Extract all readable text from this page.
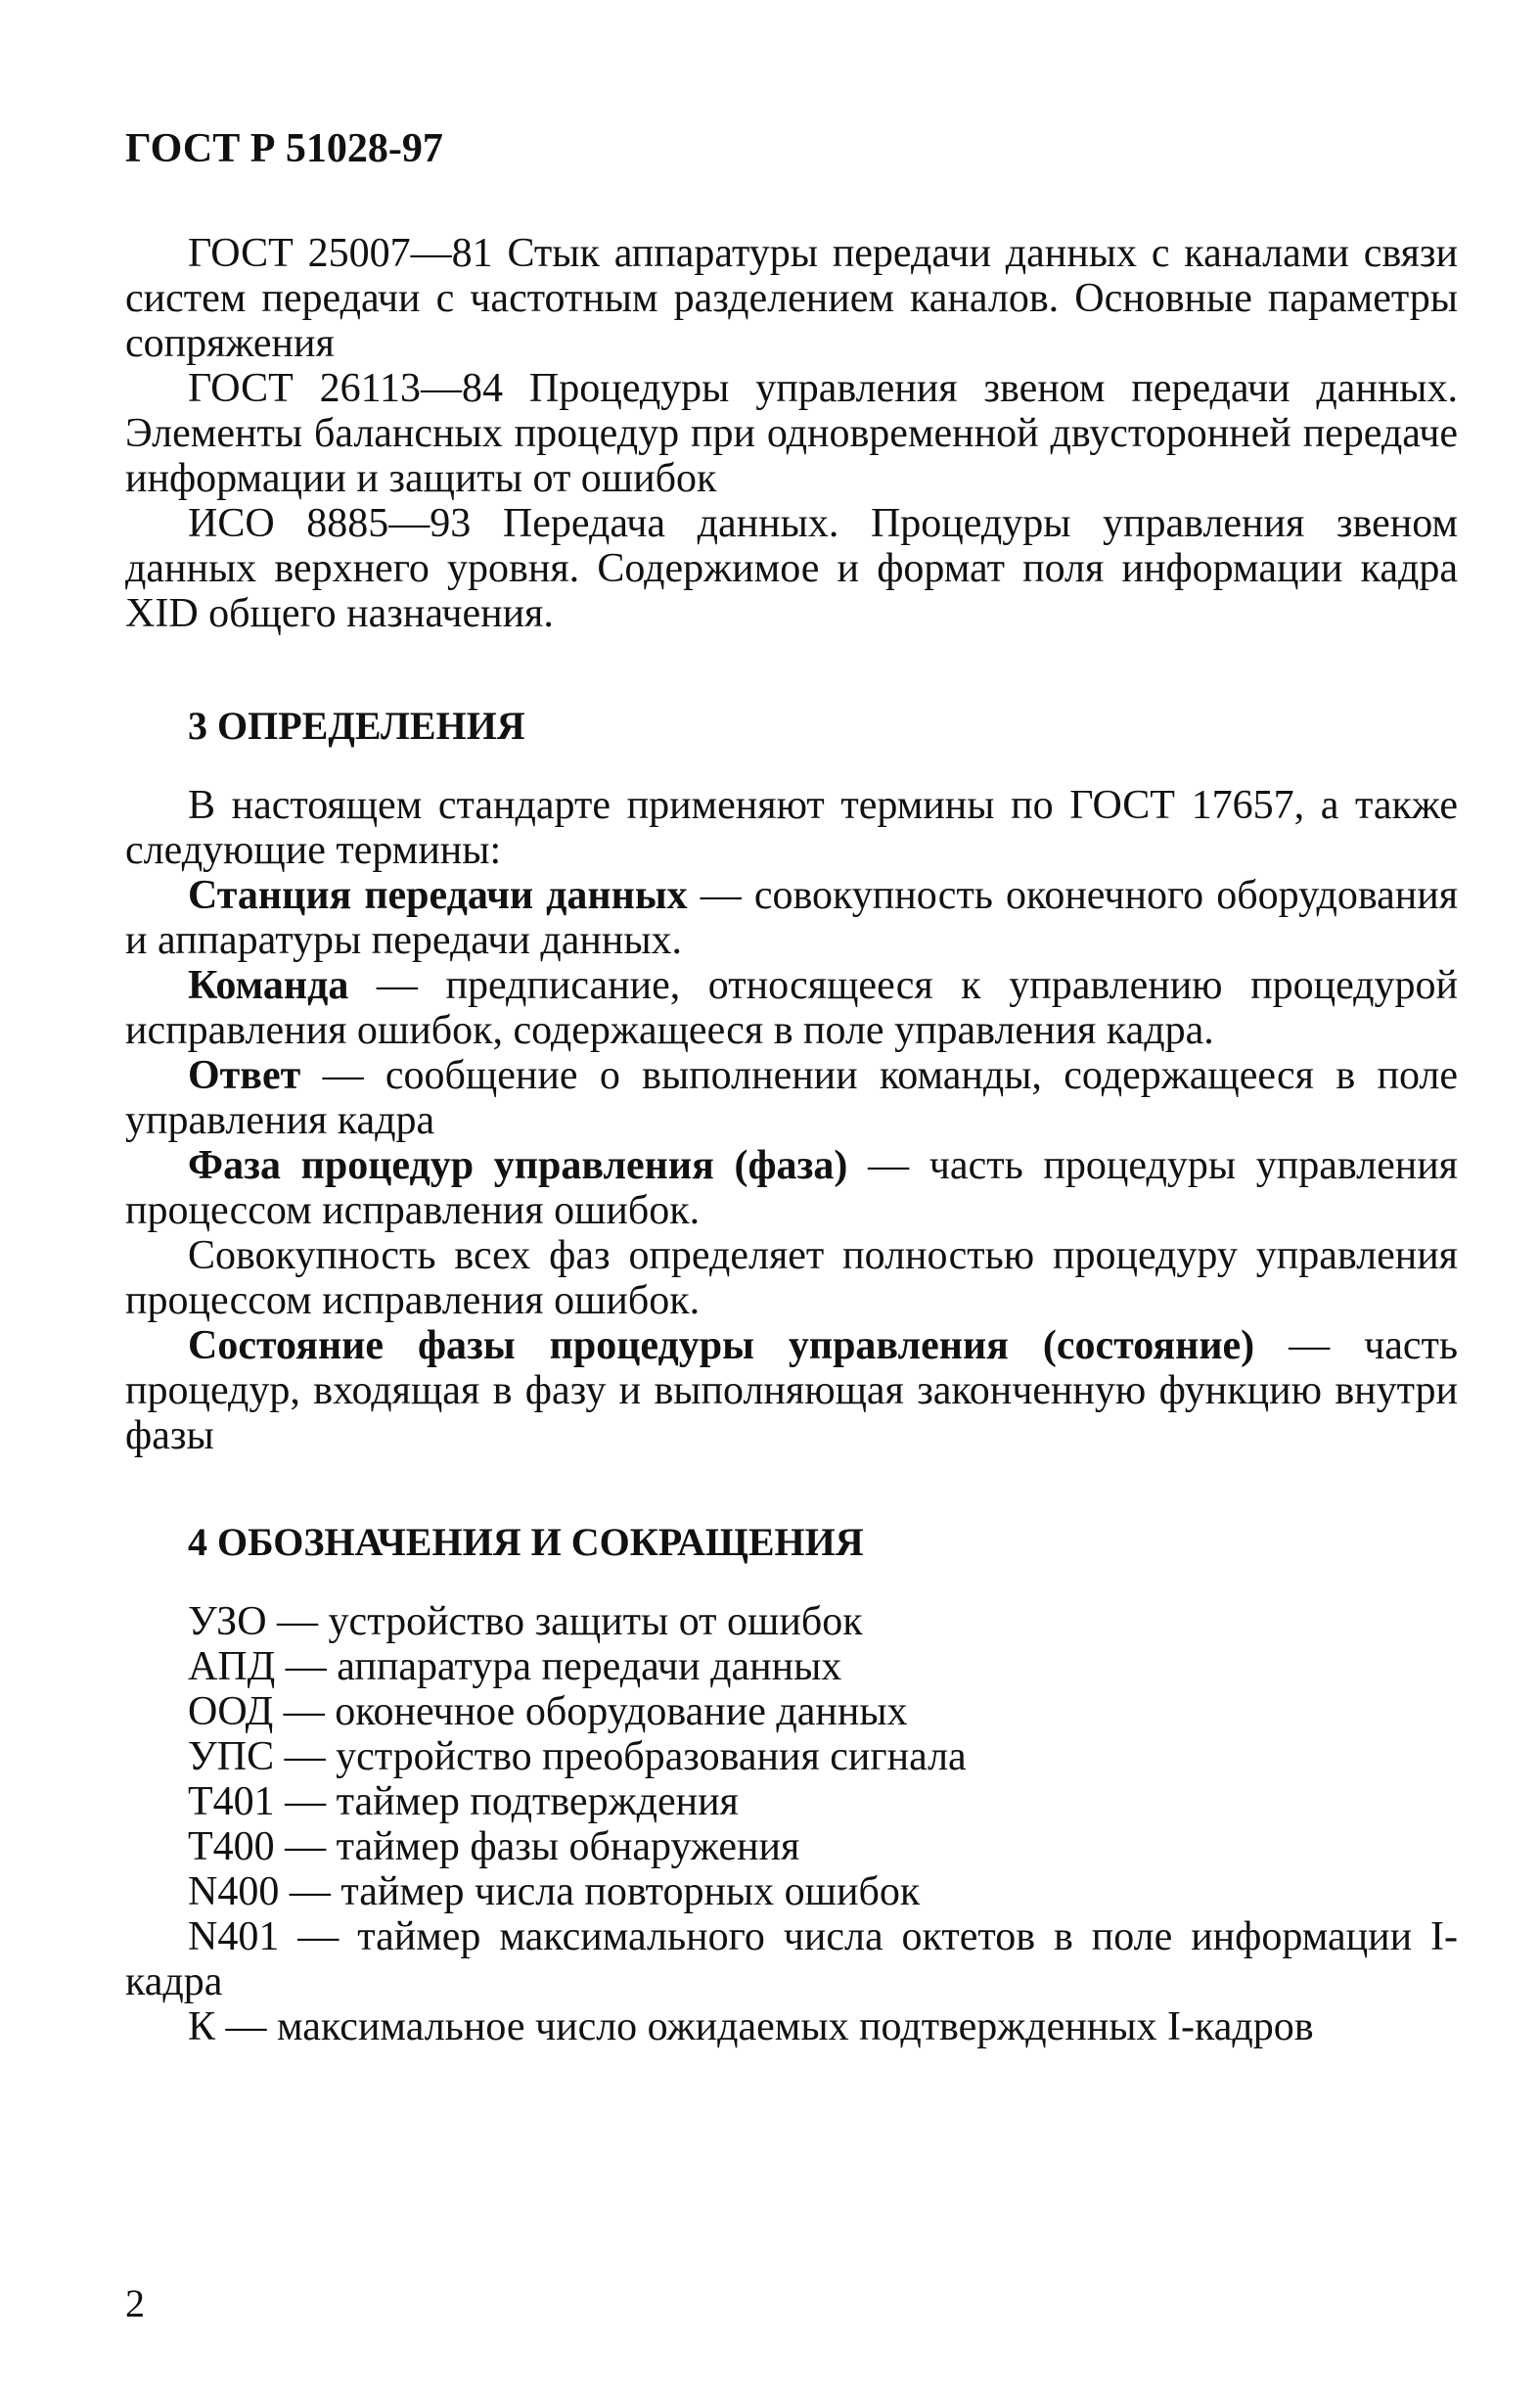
ГОСТ Р 51028-97

ГОСТ 25007—81 Стык аппаратуры передачи данных с каналами связи систем передачи с частотным разделением каналов. Основные параметры сопряжения

ГОСТ 26113—84 Процедуры управления звеном передачи данных. Элементы балансных процедур при одновременной двусторонней передаче информации и защиты от ошибок

ИСО 8885—93 Передача данных. Процедуры управления звеном данных верхнего уровня. Содержимое и формат поля информации кадра XID общего назначения.

3 ОПРЕДЕЛЕНИЯ

В настоящем стандарте применяют термины по ГОСТ 17657, а также следующие термины:

Станция передачи данных — совокупность оконечного оборудования и аппаратуры передачи данных.

Команда — предписание, относящееся к управлению процедурой исправления ошибок, содержащееся в поле управления кадра.

Ответ — сообщение о выполнении команды, содержащееся в поле управления кадра

Фаза процедур управления (фаза) — часть процедуры управления процессом исправления ошибок.

Совокупность всех фаз определяет полностью процедуру управления процессом исправления ошибок.

Состояние фазы процедуры управления (состояние) — часть процедур, входящая в фазу и выполняющая законченную функцию внутри фазы

4 ОБОЗНАЧЕНИЯ И СОКРАЩЕНИЯ

УЗО — устройство защиты от ошибок

АПД — аппаратура передачи данных

ООД — оконечное оборудование данных

УПС — устройство преобразования сигнала

Т401 — таймер подтверждения

Т400 — таймер фазы обнаружения

N400 — таймер числа повторных ошибок

N401 — таймер максимального числа октетов в поле информации I-кадра

К — максимальное число ожидаемых подтвержденных I-кадров

2
